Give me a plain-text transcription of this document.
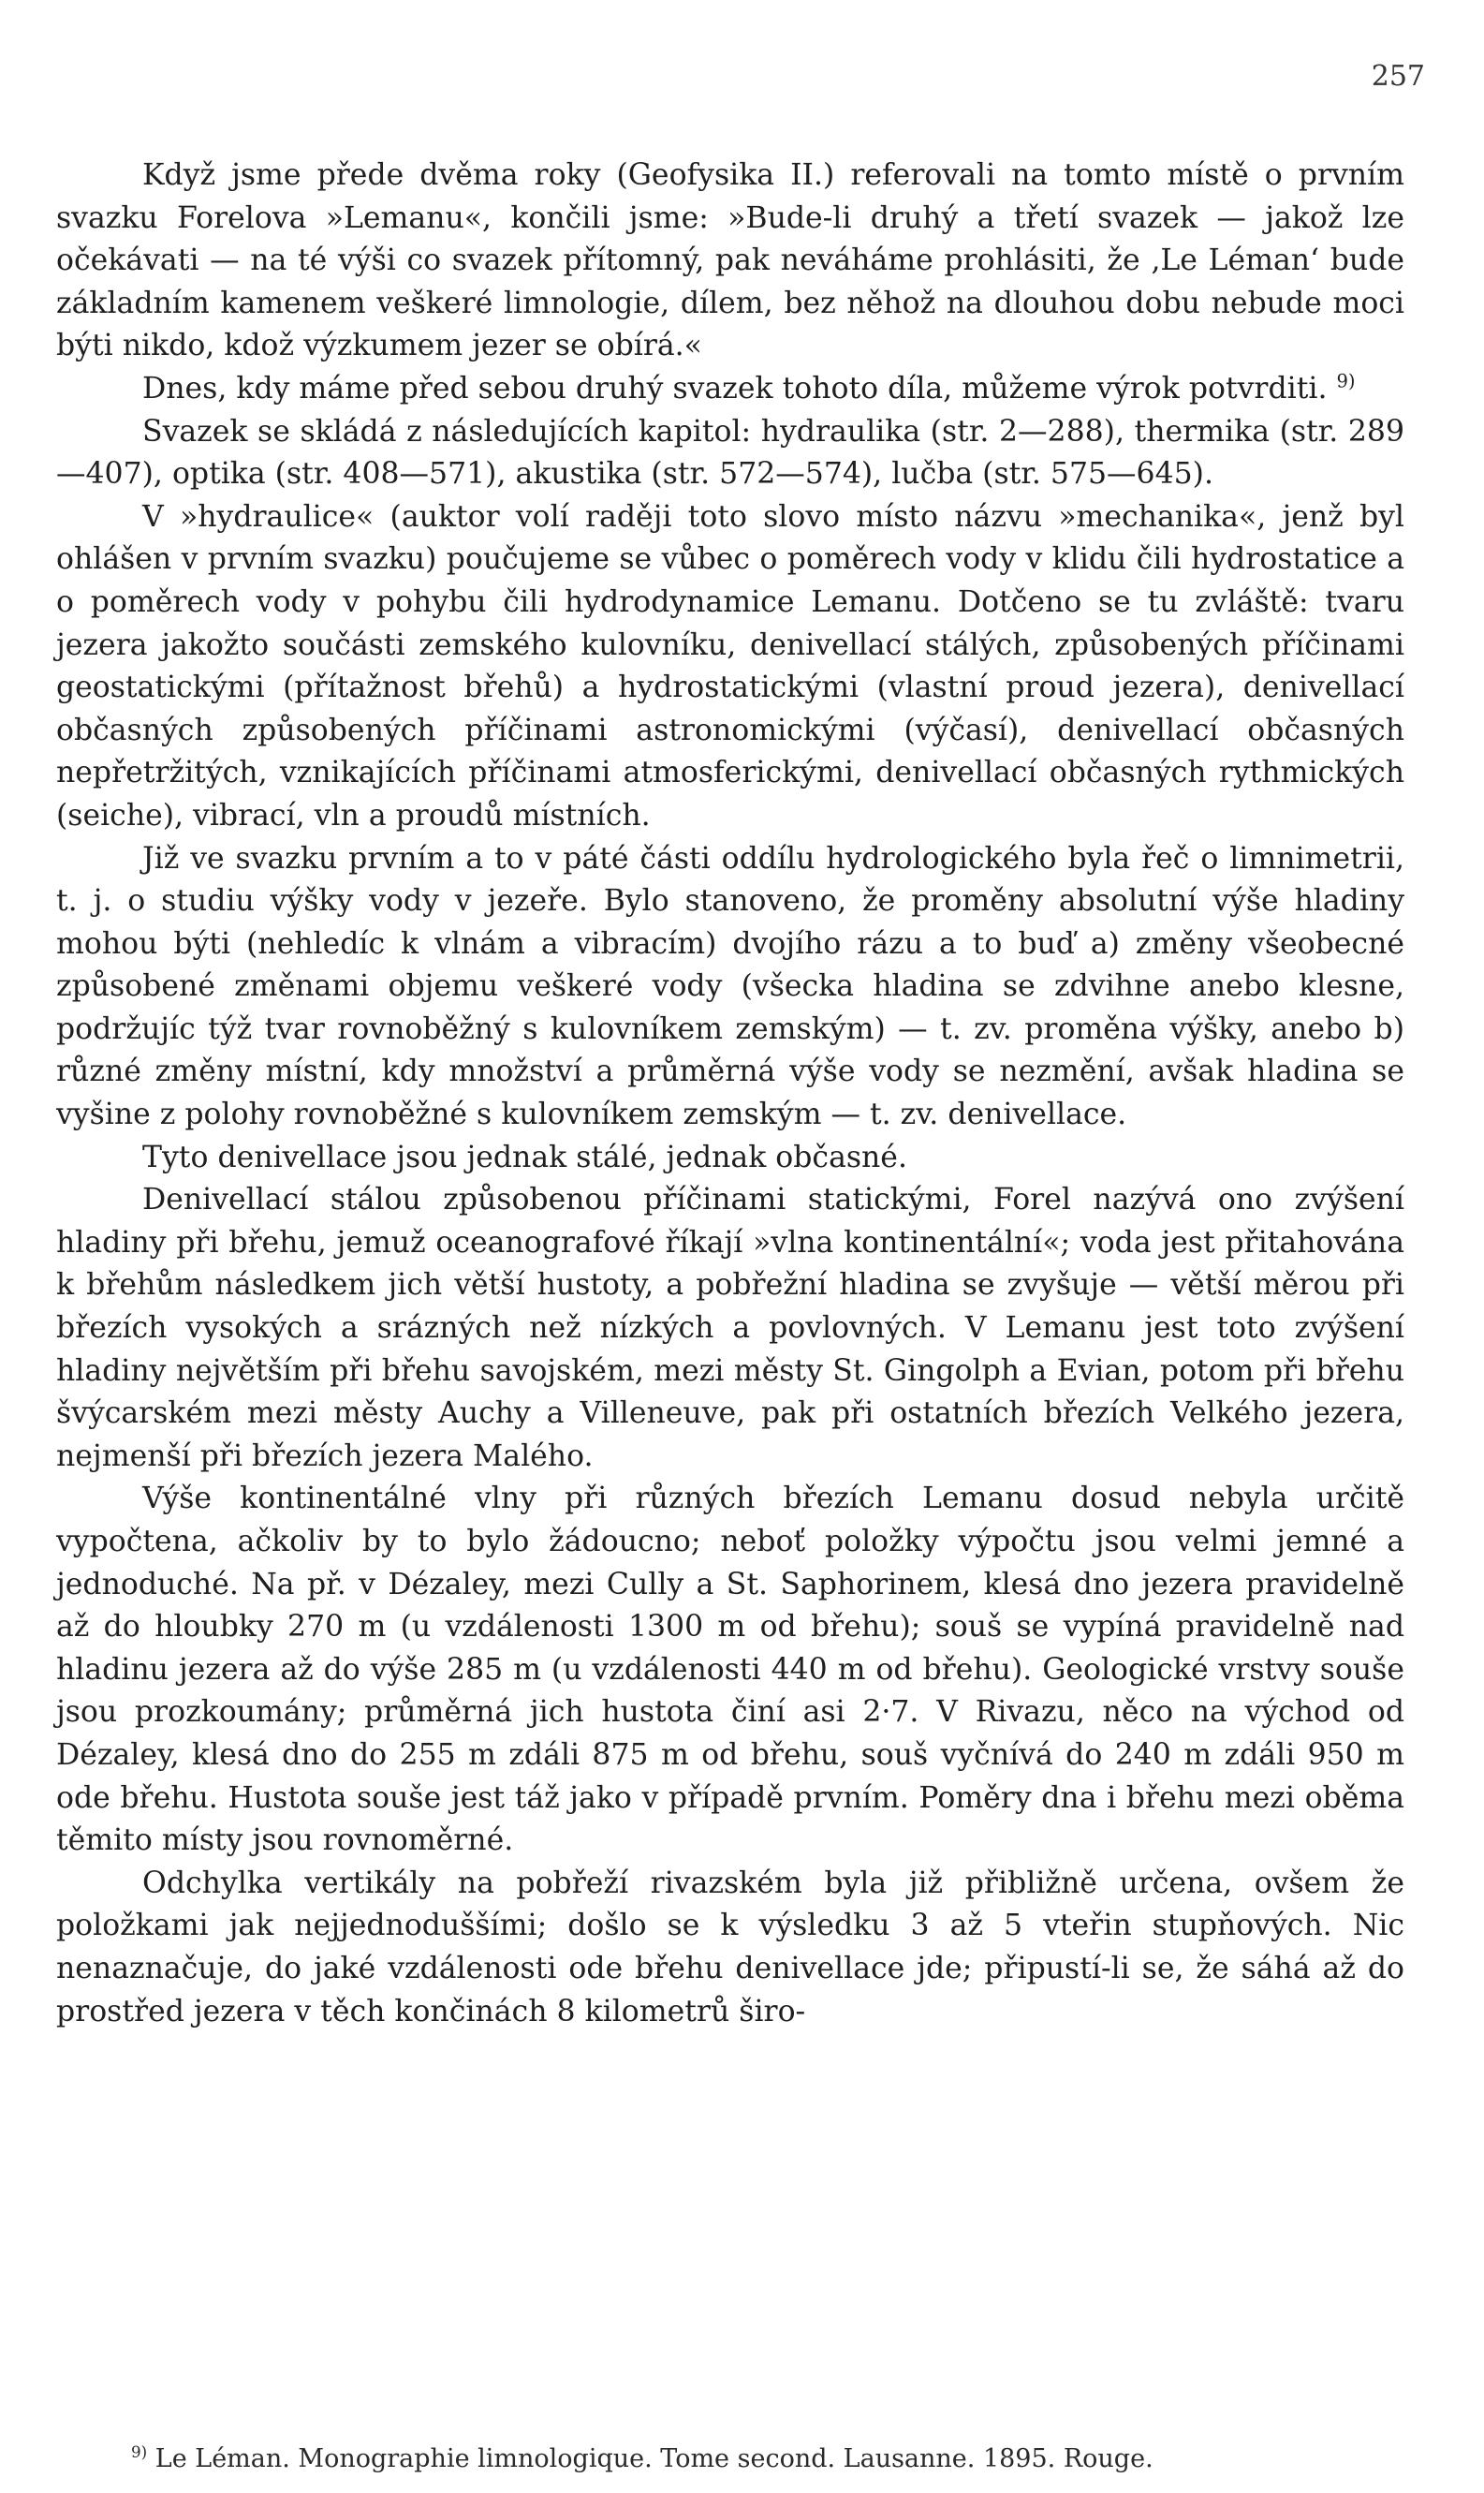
257

Když jsme přede dvěma roky (Geofysika II.) referovali na tomto místě o prvním svazku Forelova »Lemanu«, končili jsme: »Bude-li druhý a třetí svazek — jakož lze očekávati — na té výši co svazek přítomný, pak neváháme prohlásiti, že ‚Le Léman‘ bude základním kamenem veškeré limnologie, dílem, bez něhož na dlouhou dobu nebude moci býti nikdo, kdož výzkumem jezer se obírá.«

Dnes, kdy máme před sebou druhý svazek tohoto díla, můžeme výrok potvrditi. $^{9)}$

Svazek se skládá z následujících kapitol: hydraulika (str. 2—288), thermika (str. 289—407), optika (str. 408—571), akustika (str. 572—574), lučba (str. 575—645).

V »hydraulice« (auktor volí raději toto slovo místo názvu »mechanika«, jenž byl ohlášen v prvním svazku) poučujeme se vůbec o poměrech vody v klidu čili hydrostatice a o poměrech vody v pohybu čili hydrodynamice Lemanu. Dotčeno se tu zvláště: tvaru jezera jakožto součásti zemského kulovníku, denivellací stálých, způsobených příčinami geostatickými (přítažnost břehů) a hydrostatickými (vlastní proud jezera), denivellací občasných způsobených příčinami astronomickými (výčasí), denivellací občasných nepřetržitých, vznikajících příčinami atmosferickými, denivellací občasných rythmických (seiche), vibrací, vln a proudů místních.

Již ve svazku prvním a to v páté části oddílu hydrologického byla řeč o limnimetrii, t. j. o studiu výšky vody v jezeře. Bylo stanoveno, že proměny absolutní výše hladiny mohou býti (nehledíc k vlnám a vibracím) dvojího rázu a to buď a) změny všeobecné způsobené změnami objemu veškeré vody (všecka hladina se zdvihne anebo klesne, podržujíc týž tvar rovnoběžný s kulovníkem zemským) — t. zv. proměna výšky, anebo b) různé změny místní, kdy množství a průměrná výše vody se nezmění, avšak hladina se vyšine z polohy rovnoběžné s kulovníkem zemským — t. zv. denivellace.

Tyto denivellace jsou jednak stálé, jednak občasné.

Denivellací stálou způsobenou příčinami statickými, Forel nazývá ono zvýšení hladiny při břehu, jemuž oceanografové říkají »vlna kontinentální«; voda jest přitahována k břehům následkem jich větší hustoty, a pobřežní hladina se zvyšuje — větší měrou při březích vysokých a srázných než nízkých a povlovných. V Lemanu jest toto zvýšení hladiny největším při břehu savojském, mezi městy St. Gingolph a Evian, potom při břehu švýcarském mezi městy Auchy a Villeneuve, pak při ostatních březích Velkého jezera, nejmenší při březích jezera Malého.

Výše kontinentálné vlny při různých březích Lemanu dosud nebyla určitě vypočtena, ačkoliv by to bylo žádoucno; neboť položky výpočtu jsou velmi jemné a jednoduché. Na př. v Dézaley, mezi Cully a St. Saphorinem, klesá dno jezera pravidelně až do hloubky 270 m (u vzdálenosti 1300 m od břehu); souš se vypíná pravidelně nad hladinu jezera až do výše 285 m (u vzdálenosti 440 m od břehu). Geologické vrstvy souše jsou prozkoumány; průměrná jich hustota činí asi 2·7. V Rivazu, něco na východ od Dézaley, klesá dno do 255 m zdáli 875 m od břehu, souš vyčnívá do 240 m zdáli 950 m ode břehu. Hustota souše jest táž jako v případě prvním. Poměry dna i břehu mezi oběma těmito místy jsou rovnoměrné.

Odchylka vertikály na pobřeží rivazském byla již přibližně určena, ovšem že položkami jak nejjednoduššími; došlo se k výsledku 3 až 5 vteřin stupňových. Nic nenaznačuje, do jaké vzdálenosti ode břehu denivellace jde; připustí-li se, že sáhá až do prostřed jezera v těch končinách 8 kilometrů širo-

$^{9)}$ Le Léman. Monographie limnologique. Tome second. Lausanne. 1895. Rouge.
